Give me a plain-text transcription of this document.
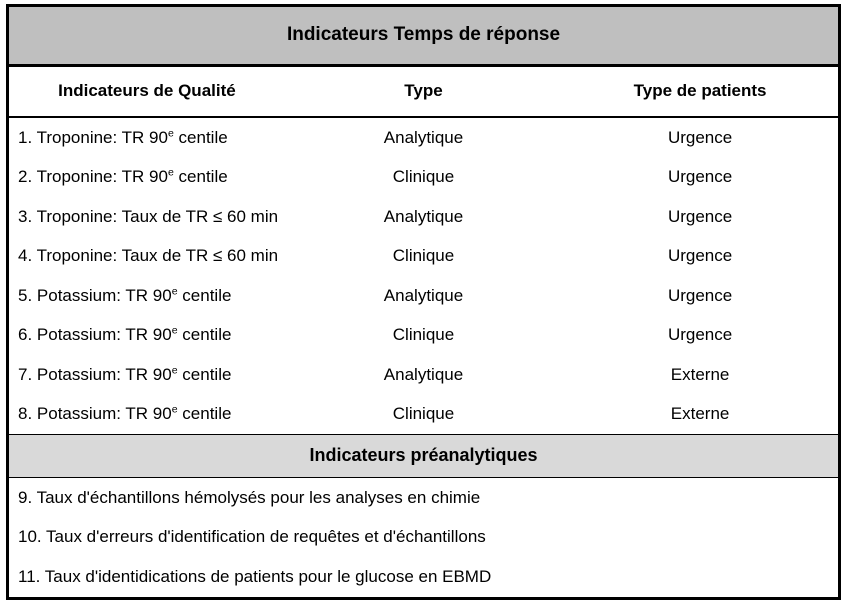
Indicateurs Temps de réponse		
Indicateurs de Qualité	Type	Type de patients
1. Troponine: TR 90e centile	Analytique	Urgence
2. Troponine: TR 90e centile	Clinique	Urgence
3. Troponine: Taux de TR ≤ 60 min	Analytique	Urgence
4. Troponine: Taux de TR ≤ 60 min	Clinique	Urgence
5. Potassium: TR 90e centile	Analytique	Urgence
6. Potassium: TR 90e centile	Clinique	Urgence
7. Potassium: TR 90e centile	Analytique	Externe
8. Potassium: TR 90e centile	Clinique	Externe
Indicateurs préanalytiques		
9. Taux d'échantillons hémolysés pour les analyses en chimie		
10. Taux d'erreurs d'identification de requêtes et d'échantillons		
11. Taux d'identidications de patients pour le glucose en EBMD		
